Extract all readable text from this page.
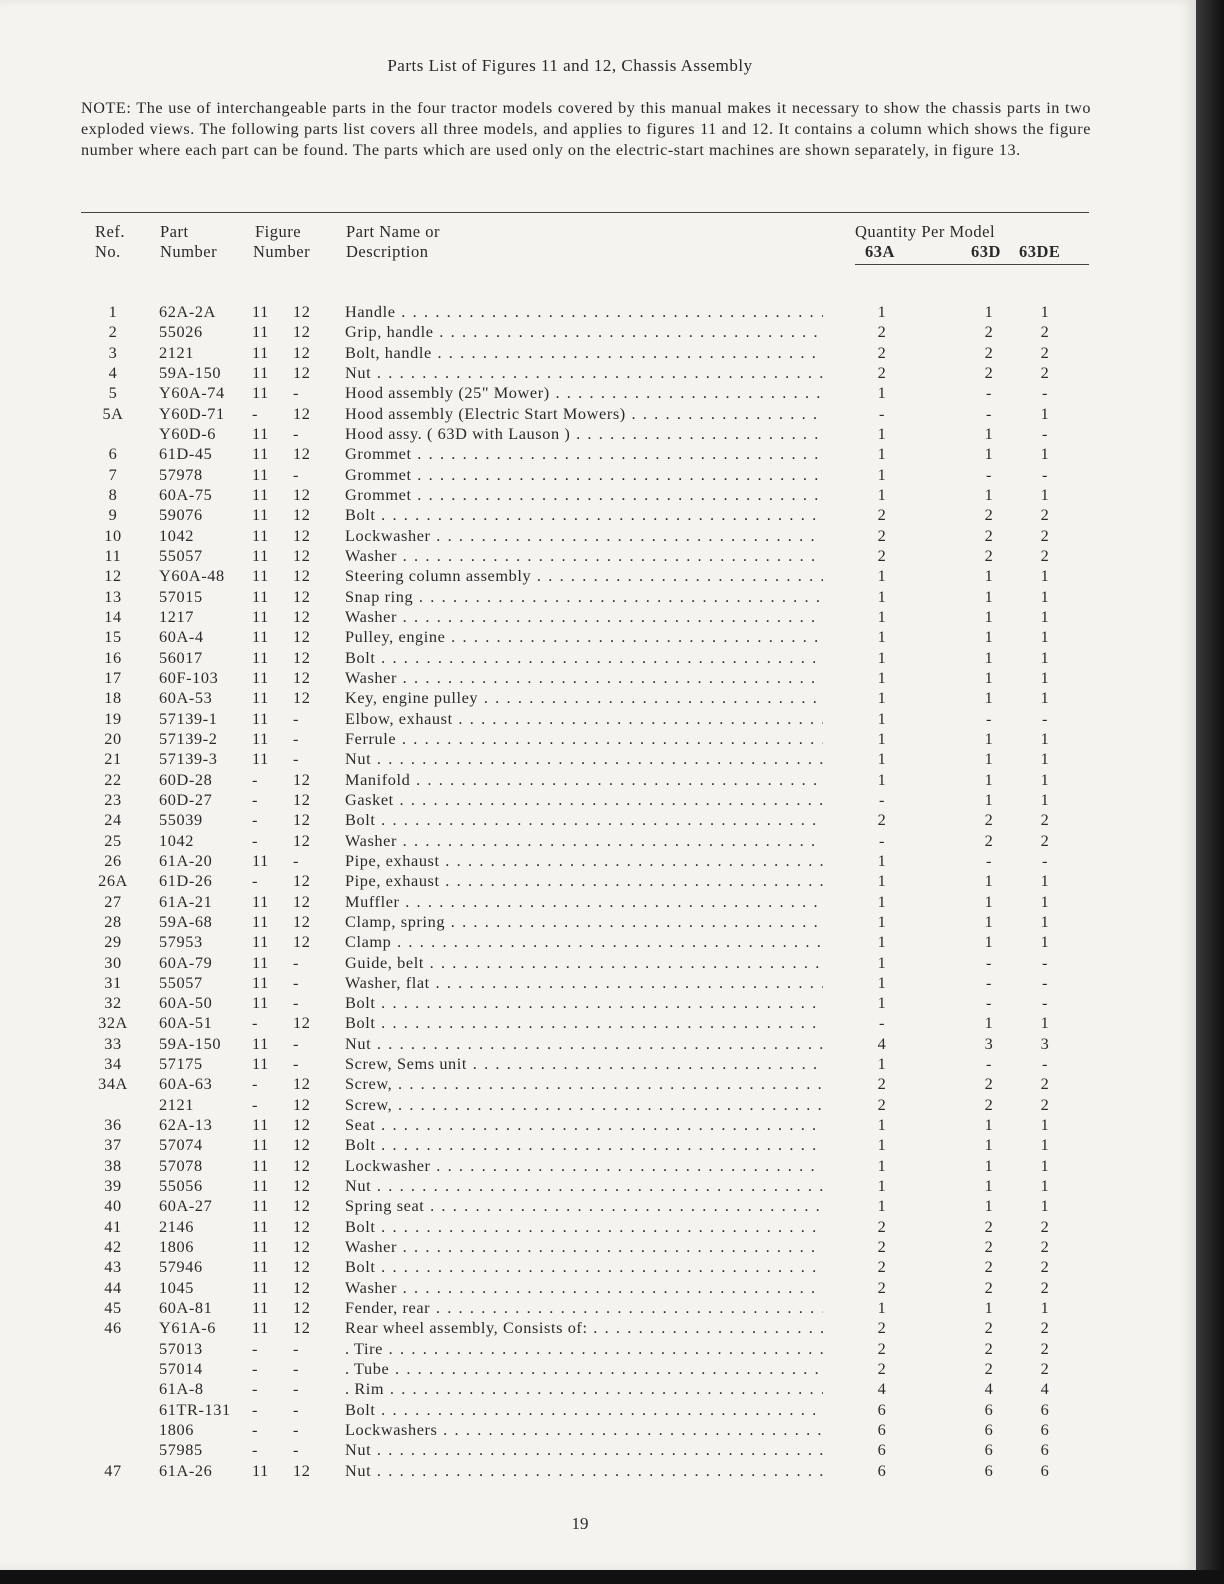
Parts List of Figures 11 and 12, Chassis Assembly
NOTE: The use of interchangeable parts in the four tractor models covered by this manual makes it necessary to show the chassis parts in two exploded views. The following parts list covers all three models, and applies to figures 11 and 12. It contains a column which shows the figure number where each part can be found. The parts which are used only on the electric-start machines are shown separately, in figure 13.
Ref.
No.
Part
Number
Figure
Number
Part Name or
Description
Quantity Per Model
63A	63D 63DE
1	62A-2A 11 12 Handle . . .	1	1	1
2	55026	11 12 Grip, handle . . .	2	2	2
3	2121	11 12 Bolt, handle . . .	2	2	2
4	59A-150 11 12 Nut . . .	2	2	2
5	Y60A-74 11 -	Hood assembly (25" Mower) . . .	1	-	-
5A	Y60D-71 - 12 Hood assembly (Electric Start Mowers) . . .	-	-	1
Y60D-6 11 -	Hood assy. ( 63D with Lauson ) . . .	1	1	-
6	61D-45 11 12 Grommet . . .	1	1	1
7	57978	11 -	Grommet . . .	1	-	-
8	60A-75 11 12 Grommet . . .	1	1	1
9	59076	11 12 Bolt . . .	2	2	2
10	1042	11 12 Lockwasher . . .	2	2	2
11	55057	11 12 Washer . . .	2	2	2
12	Y60A-48 11 12 Steering column assembly . . .	1	1	1
13	57015	11 12 Snap ring . . .	1	1	1
14	1217	11 12 Washer . . .	1	1	1
15	60A-4	11 12 Pulley, engine . . .	1	1	1
16	56017	11 12 Bolt . . .	1	1	1
17	60F-103 11 12 Washer . . .	1	1	1
18	60A-53 11 12 Key, engine pulley . . .	1	1	1
19	57139-1 11 -	Elbow, exhaust . . .	1	-	-
20	57139-2 11 -	Ferrule . . .	1	1	1
21	57139-3 11 -	Nut . . .	1	1	1
22	60D-28 - 12 Manifold . . .	1	1	1
23	60D-27 - 12 Gasket . . .	-	1	1
24	55039	- 12 Bolt . . .	2	2	2
25	1042	- 12 Washer . . .	-	2	2
26	61A-20 11 -	Pipe, exhaust . . .	1	-	-
26A	61D-26 - 12 Pipe, exhaust . . .	1	1	1
27	61A-21 11 12 Muffler . . .	1	1	1
28	59A-68 11 12 Clamp, spring . . .	1	1	1
29	57953	11 12 Clamp . . .	1	1	1
30	60A-79 11 -	Guide, belt . . .	1	-	-
31	55057	11 -	Washer, flat . . .	1	-	-
32	60A-50 11 -	Bolt . . .	1	-	-
32A	60A-51 - 12 Bolt . . .	-	1	1
33	59A-150 11 -	Nut . . .	4	3	3
34	57175	11 -	Screw, Sems unit . . .	1	-	-
34A	60A-63 - 12 Screw, . . .	2	2	2
2121	- 12 Screw, . . .	2	2	2
36	62A-13 11 12 Seat . . .	1	1	1
37	57074	11 12 Bolt . . .	1	1	1
38	57078	11 12 Lockwasher . . .	1	1	1
39	55056	11 12 Nut . . .	1	1	1
40	60A-27 11 12 Spring seat . . .	1	1	1
41	2146	11 12 Bolt . . .	2	2	2
42	1806	11 12 Washer . . .	2	2	2
43	57946	11 12 Bolt . . .	2	2	2
44	1045	11 12 Washer . . .	2	2	2
45	60A-81 11 12 Fender, rear . . .	1	1	1
46	Y61A-6 11 12 Rear wheel assembly, Consists of: . . .	2	2	2
57013	- -	. Tire . . .	2	2	2
57014	- -	. Tube . . .	2	2	2
61A-8	- -	. Rim . . .	4	4	4
61TR-131 - -	Bolt . . .	6	6	6
1806	- -	Lockwashers . . .	6	6	6
57985	- -	Nut . . .	6	6	6
47	61A-26 11 12 Nut . . .	6	6	6
19
